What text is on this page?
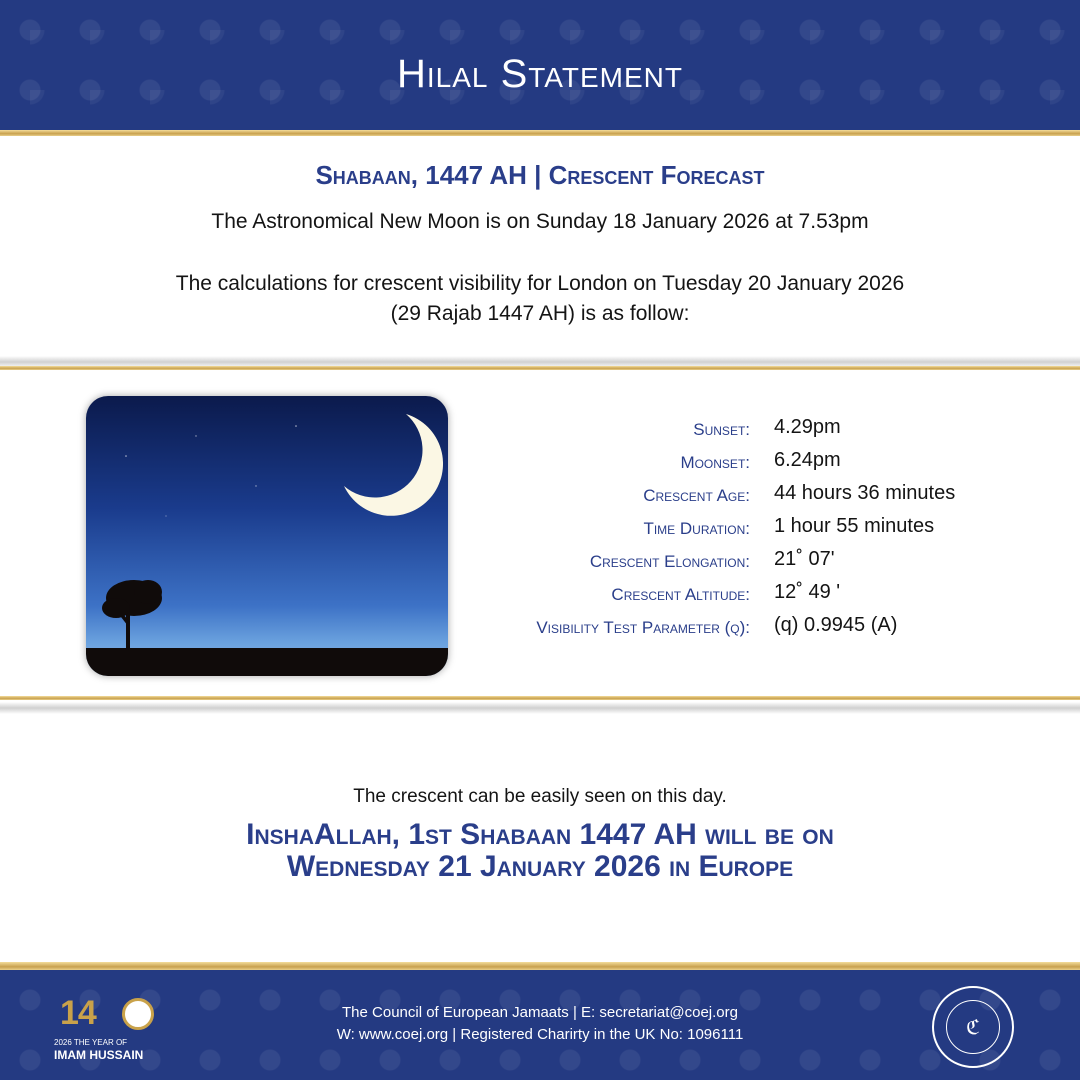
Hilal Statement
Shabaan, 1447 AH | Crescent Forecast
The Astronomical New Moon is on Sunday 18 January 2026 at 7.53pm
The calculations for crescent visibility for London on Tuesday 20 January 2026
(29 Rajab 1447 AH) is as follow:
Sunset: 4.29pm
Moonset: 6.24pm
Crescent Age: 44 hours 36 minutes
Time Duration: 1 hour 55 minutes
Crescent Elongation: 21˚ 07'
Crescent Altitude: 12˚ 49 '
Visibility Test Parameter (q): (q) 0.9945 (A)
The crescent can be easily seen on this day.
InshaAllah, 1st Shabaan 1447 AH will be on
Wednesday 21 January 2026 in Europe
14
2026 THE YEAR OF
IMAM HUSSAIN
The Council of European Jamaats | E: secretariat@coej.org
W: www.coej.org | Registered Charirty in the UK No: 1096111	ℭ
